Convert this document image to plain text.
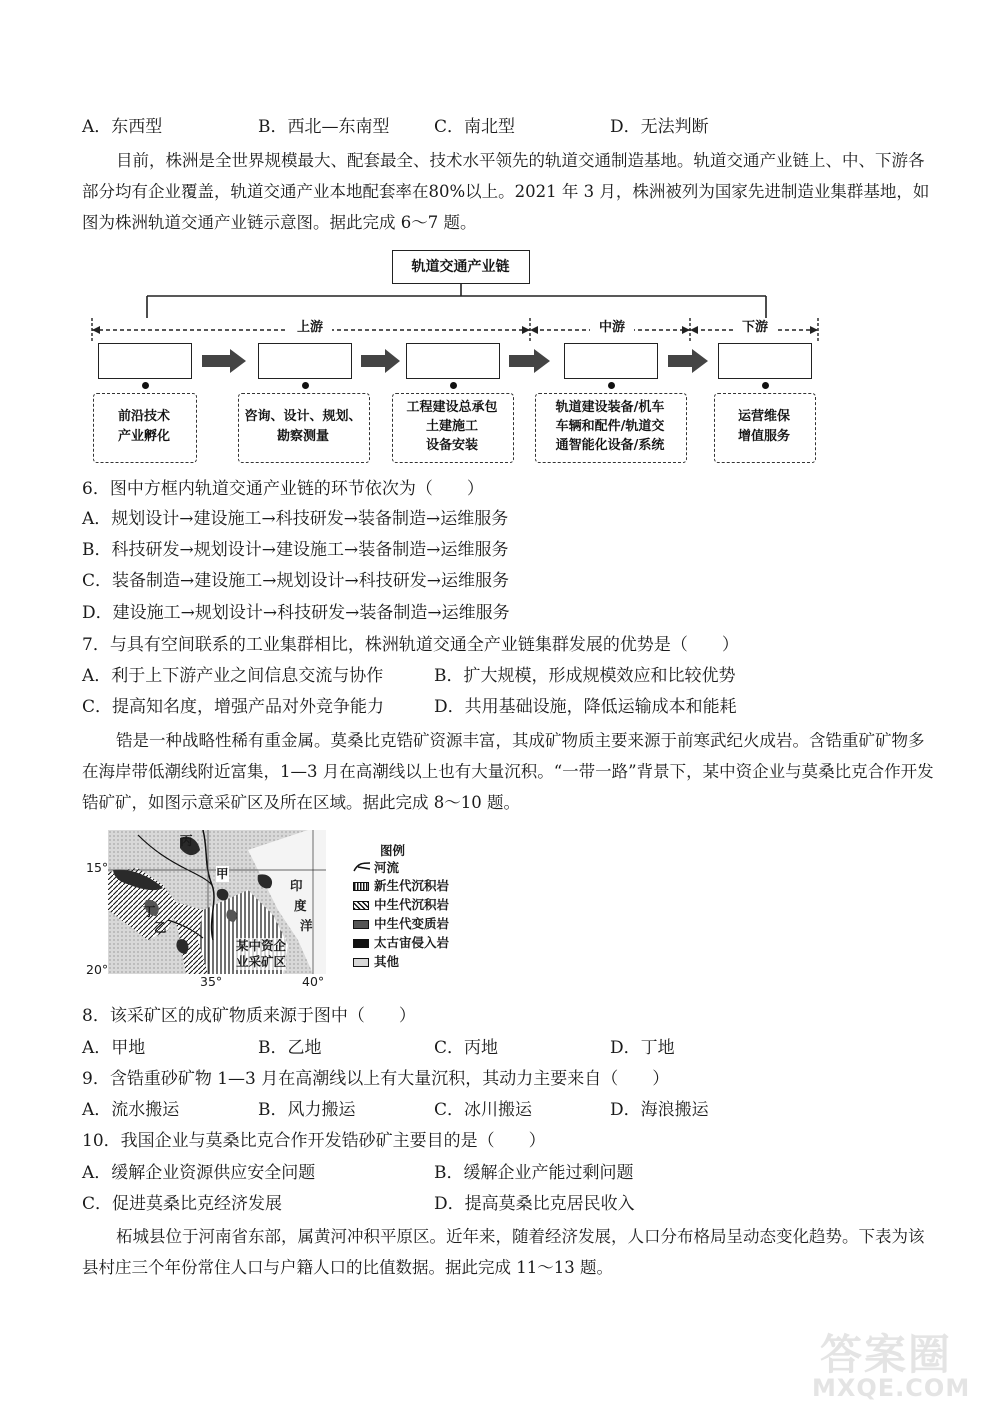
A．东西型	B．西北—东南型	C．南北型	D．无法判断
目前，株洲是全世界规模最大、配套最全、技术水平领先的轨道交通制造基地。轨道交通产业链上、中、下游各部分均有企业覆盖，轨道交通产业本地配套率在80%以上。2021 年 3 月，株洲被列为国家先进制造业集群基地，如图为株洲轨道交通产业链示意图。据此完成 6～7 题。
轨道交通产业链
上游	中游	下游
前沿技术
产业孵化
咨询、设计、规划、
勘察测量
工程建设总承包
土建施工
设备安装
轨道建设装备/机车
车辆和配件/轨道交
通智能化设备/系统
运营维保
增值服务
6．图中方框内轨道交通产业链的环节依次为（　　）
A．规划设计→建设施工→科技研发→装备制造→运维服务
B．科技研发→规划设计→建设施工→装备制造→运维服务
C．装备制造→建设施工→规划设计→科技研发→运维服务
D．建设施工→规划设计→科技研发→装备制造→运维服务
7．与具有空间联系的工业集群相比，株洲轨道交通全产业链集群发展的优势是（　　）
A．利于上下游产业之间信息交流与协作	B．扩大规模，形成规模效应和比较优势
C．提高知名度，增强产品对外竞争能力	D．共用基础设施，降低运输成本和能耗
锆是一种战略性稀有重金属。莫桑比克锆矿资源丰富，其成矿物质主要来源于前寒武纪火成岩。含锆重矿矿物多在海岸带低潮线附近富集，1—3 月在高潮线以上也有大量沉积。“一带一路”背景下，某中资企业与莫桑比克合作开发锆矿矿，如图示意采矿区及所在区域。据此完成 8～10 题。
丙
甲
丁
乙
印
度
洋
某中资企
业采矿区
15°
20°
35°	40°
图例
河流
新生代沉积岩
中生代沉积岩
中生代变质岩
太古宙侵入岩
其他
8．该采矿区的成矿物质来源于图中（　　）
A．甲地	B．乙地	C．丙地	D．丁地
9．含锆重砂矿物 1—3 月在高潮线以上有大量沉积，其动力主要来自（　　）
A．流水搬运	B．风力搬运	C．冰川搬运	D．海浪搬运
10．我国企业与莫桑比克合作开发锆砂矿主要目的是（　　）
A．缓解企业资源供应安全问题	B．缓解企业产能过剩问题
C．促进莫桑比克经济发展	D．提高莫桑比克居民收入
柘城县位于河南省东部，属黄河冲积平原区。近年来，随着经济发展，人口分布格局呈动态变化趋势。下表为该县村庄三个年份常住人口与户籍人口的比值数据。据此完成 11～13 题。
答案圈
MXQE.COM
